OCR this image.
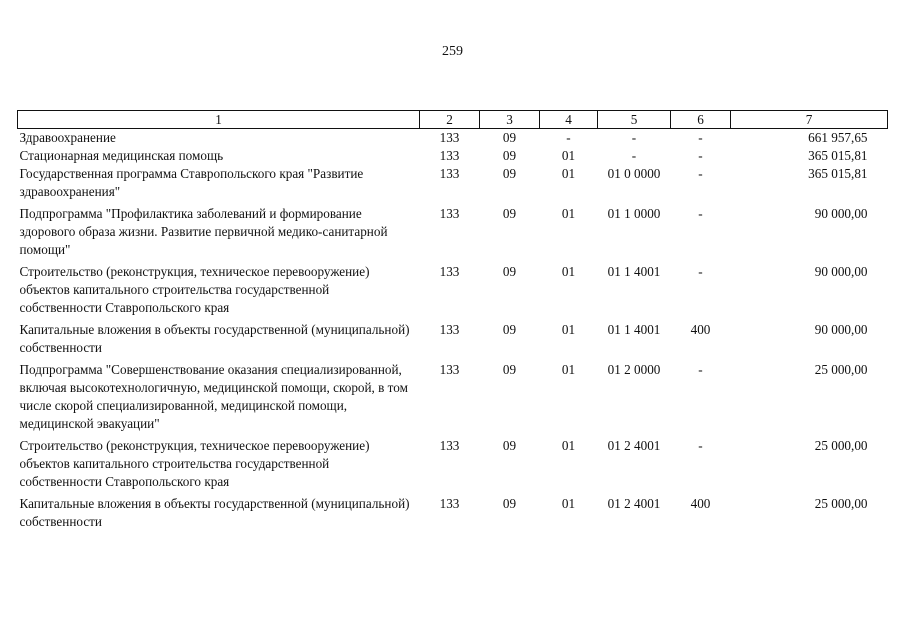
259
1	2	3	4	5	6	7
Здравоохранение	133	09	-	-	-	661 957,65
Стационарная медицинская помощь	133	09	01	-	-	365 015,81
Государственная программа Ставропольского края "Развитие здравоохранения"	133	09	01	01 0 0000	-	365 015,81
Подпрограмма "Профилактика заболеваний и формирование здорового образа жизни. Развитие первичной медико-санитарной помощи"	133	09	01	01 1 0000	-	90 000,00
Строительство (реконструкция, техническое перевооружение) объектов капитального строительства государственной собственности Ставропольского края	133	09	01	01 1 4001	-	90 000,00
Капитальные вложения в объекты государственной (муниципальной) собственности	133	09	01	01 1 4001	400	90 000,00
Подпрограмма "Совершенствование оказания специализированной, включая высокотехнологичную, медицинской помощи, скорой, в том числе скорой специализированной, медицинской помощи, медицинской эвакуации"	133	09	01	01 2 0000	-	25 000,00
Строительство (реконструкция, техническое перевооружение) объектов капитального строительства государственной собственности Ставропольского края	133	09	01	01 2 4001	-	25 000,00
Капитальные вложения в объекты государственной (муниципальной) собственности	133	09	01	01 2 4001	400	25 000,00
